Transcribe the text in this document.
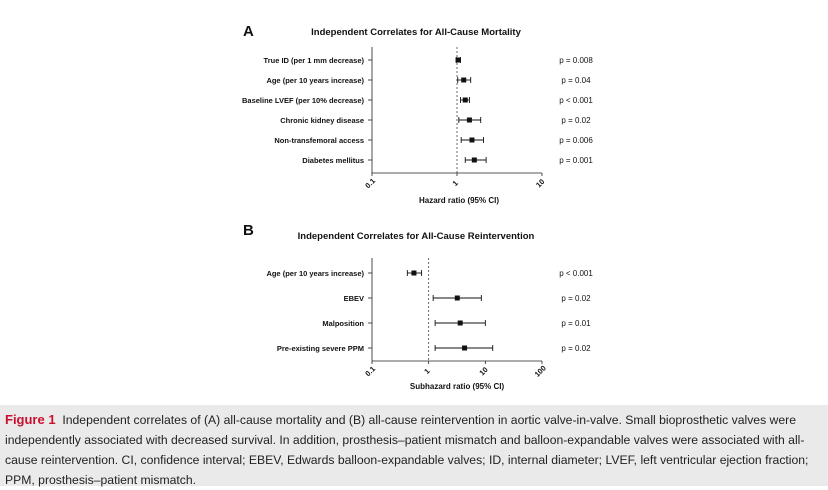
A	Independent Correlates for All-Cause Mortality
0.1	1	10
Hazard ratio (95% CI)
True ID (per 1 mm decrease)	p = 0.008
Age (per 10 years increase)	p = 0.04
Baseline LVEF (per 10% decrease)	p < 0.001
Chronic kidney disease	p = 0.02
Non-transfemoral access	p = 0.006
Diabetes mellitus	p = 0.001
B	Independent Correlates for All-Cause Reintervention
0.1	1	10	100
Subhazard ratio (95% CI)
Age (per 10 years increase)	p < 0.001
EBEV	p = 0.02
Malposition	p = 0.01
Pre-existing severe PPM	p = 0.02
Figure 1 Independent correlates of (A) all-cause mortality and (B) all-cause reintervention in aortic valve-in-valve. Small bioprosthetic valves were independently associated with decreased survival. In addition, prosthesis–patient mismatch and balloon-expandable valves were associated with all-cause reintervention. CI, confidence interval; EBEV, Edwards balloon-expandable valves; ID, internal diameter; LVEF, left ventricular ejection fraction; PPM, prosthesis–patient mismatch.
